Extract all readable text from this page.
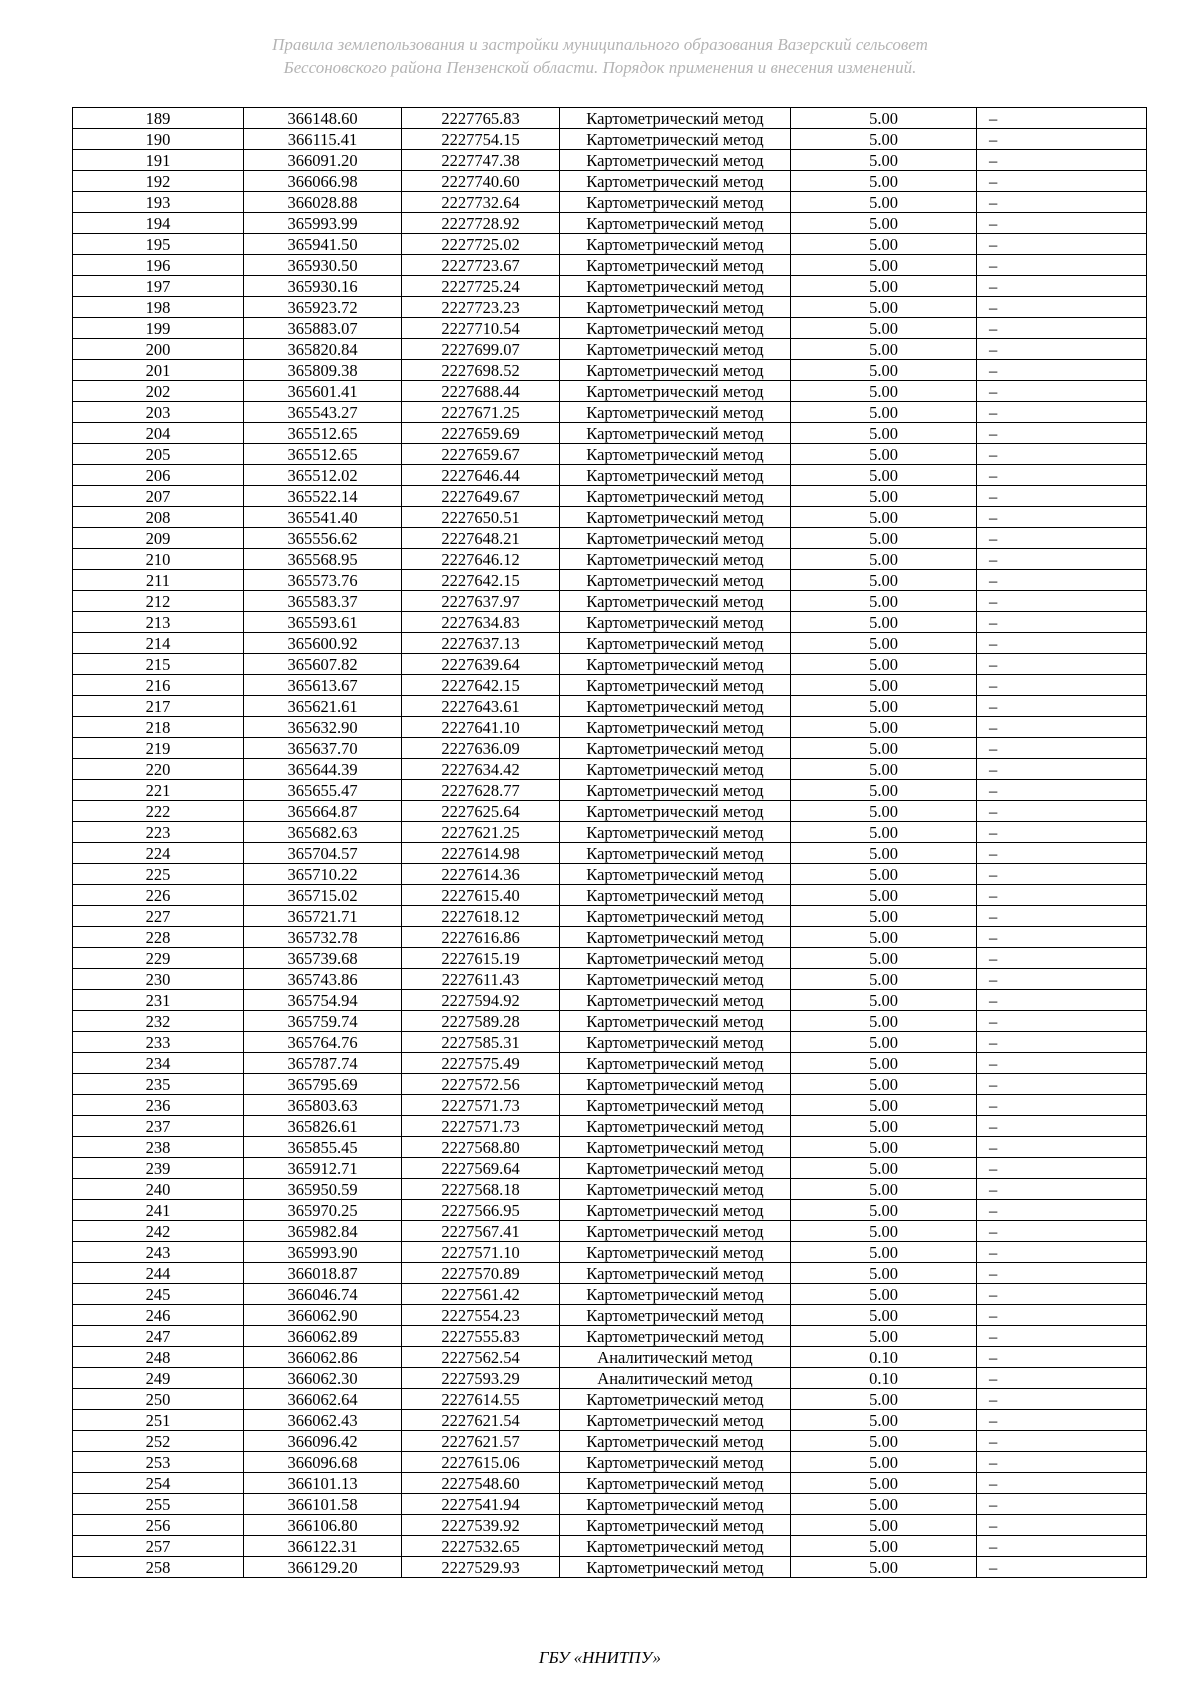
Правила землепользования и застройки муниципального образования Вазерский сельсовет
Бессоновского района Пензенской области. Порядок применения и внесения изменений.
189	366148.60	2227765.83	Картометрический метод	5.00	–
190	366115.41	2227754.15	Картометрический метод	5.00	–
191	366091.20	2227747.38	Картометрический метод	5.00	–
192	366066.98	2227740.60	Картометрический метод	5.00	–
193	366028.88	2227732.64	Картометрический метод	5.00	–
194	365993.99	2227728.92	Картометрический метод	5.00	–
195	365941.50	2227725.02	Картометрический метод	5.00	–
196	365930.50	2227723.67	Картометрический метод	5.00	–
197	365930.16	2227725.24	Картометрический метод	5.00	–
198	365923.72	2227723.23	Картометрический метод	5.00	–
199	365883.07	2227710.54	Картометрический метод	5.00	–
200	365820.84	2227699.07	Картометрический метод	5.00	–
201	365809.38	2227698.52	Картометрический метод	5.00	–
202	365601.41	2227688.44	Картометрический метод	5.00	–
203	365543.27	2227671.25	Картометрический метод	5.00	–
204	365512.65	2227659.69	Картометрический метод	5.00	–
205	365512.65	2227659.67	Картометрический метод	5.00	–
206	365512.02	2227646.44	Картометрический метод	5.00	–
207	365522.14	2227649.67	Картометрический метод	5.00	–
208	365541.40	2227650.51	Картометрический метод	5.00	–
209	365556.62	2227648.21	Картометрический метод	5.00	–
210	365568.95	2227646.12	Картометрический метод	5.00	–
211	365573.76	2227642.15	Картометрический метод	5.00	–
212	365583.37	2227637.97	Картометрический метод	5.00	–
213	365593.61	2227634.83	Картометрический метод	5.00	–
214	365600.92	2227637.13	Картометрический метод	5.00	–
215	365607.82	2227639.64	Картометрический метод	5.00	–
216	365613.67	2227642.15	Картометрический метод	5.00	–
217	365621.61	2227643.61	Картометрический метод	5.00	–
218	365632.90	2227641.10	Картометрический метод	5.00	–
219	365637.70	2227636.09	Картометрический метод	5.00	–
220	365644.39	2227634.42	Картометрический метод	5.00	–
221	365655.47	2227628.77	Картометрический метод	5.00	–
222	365664.87	2227625.64	Картометрический метод	5.00	–
223	365682.63	2227621.25	Картометрический метод	5.00	–
224	365704.57	2227614.98	Картометрический метод	5.00	–
225	365710.22	2227614.36	Картометрический метод	5.00	–
226	365715.02	2227615.40	Картометрический метод	5.00	–
227	365721.71	2227618.12	Картометрический метод	5.00	–
228	365732.78	2227616.86	Картометрический метод	5.00	–
229	365739.68	2227615.19	Картометрический метод	5.00	–
230	365743.86	2227611.43	Картометрический метод	5.00	–
231	365754.94	2227594.92	Картометрический метод	5.00	–
232	365759.74	2227589.28	Картометрический метод	5.00	–
233	365764.76	2227585.31	Картометрический метод	5.00	–
234	365787.74	2227575.49	Картометрический метод	5.00	–
235	365795.69	2227572.56	Картометрический метод	5.00	–
236	365803.63	2227571.73	Картометрический метод	5.00	–
237	365826.61	2227571.73	Картометрический метод	5.00	–
238	365855.45	2227568.80	Картометрический метод	5.00	–
239	365912.71	2227569.64	Картометрический метод	5.00	–
240	365950.59	2227568.18	Картометрический метод	5.00	–
241	365970.25	2227566.95	Картометрический метод	5.00	–
242	365982.84	2227567.41	Картометрический метод	5.00	–
243	365993.90	2227571.10	Картометрический метод	5.00	–
244	366018.87	2227570.89	Картометрический метод	5.00	–
245	366046.74	2227561.42	Картометрический метод	5.00	–
246	366062.90	2227554.23	Картометрический метод	5.00	–
247	366062.89	2227555.83	Картометрический метод	5.00	–
248	366062.86	2227562.54	Аналитический метод	0.10	–
249	366062.30	2227593.29	Аналитический метод	0.10	–
250	366062.64	2227614.55	Картометрический метод	5.00	–
251	366062.43	2227621.54	Картометрический метод	5.00	–
252	366096.42	2227621.57	Картометрический метод	5.00	–
253	366096.68	2227615.06	Картометрический метод	5.00	–
254	366101.13	2227548.60	Картометрический метод	5.00	–
255	366101.58	2227541.94	Картометрический метод	5.00	–
256	366106.80	2227539.92	Картометрический метод	5.00	–
257	366122.31	2227532.65	Картометрический метод	5.00	–
258	366129.20	2227529.93	Картометрический метод	5.00	–
ГБУ «ННИТПУ»
